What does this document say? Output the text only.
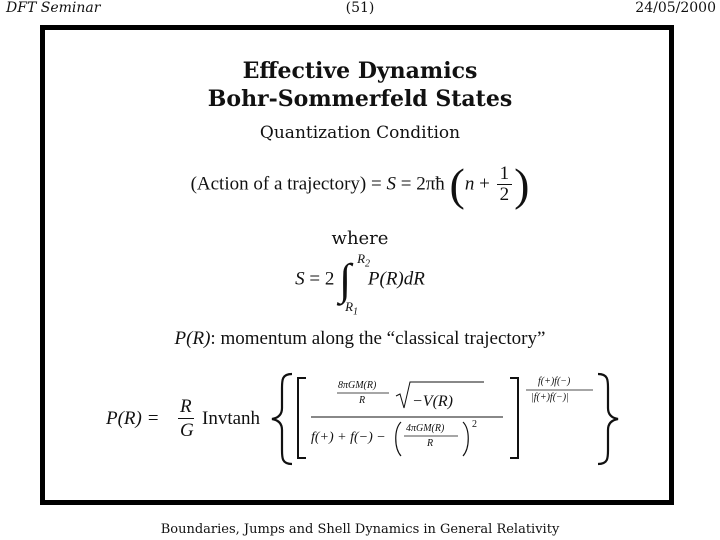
DFT Seminar	(51)	24/05/2000
Effective Dynamics
Bohr-Sommerfeld States
Quantization Condition
(Action of a trajectory) = S = 2πħ ($n + \frac{1}{2}$ )
where
S = 2 ∫ $R_2$
$R_1$
P(R)dR
P(R): momentum along the “classical trajectory”
P(R) =
R
G
Invtanh
8πGM(R)
R	−V(R)
f(+) + f(−) −
4πGM(R)
R
2
f(+)f(−)
|f(+)f(−)|
Boundaries, Jumps and Shell Dynamics in General Relativity
